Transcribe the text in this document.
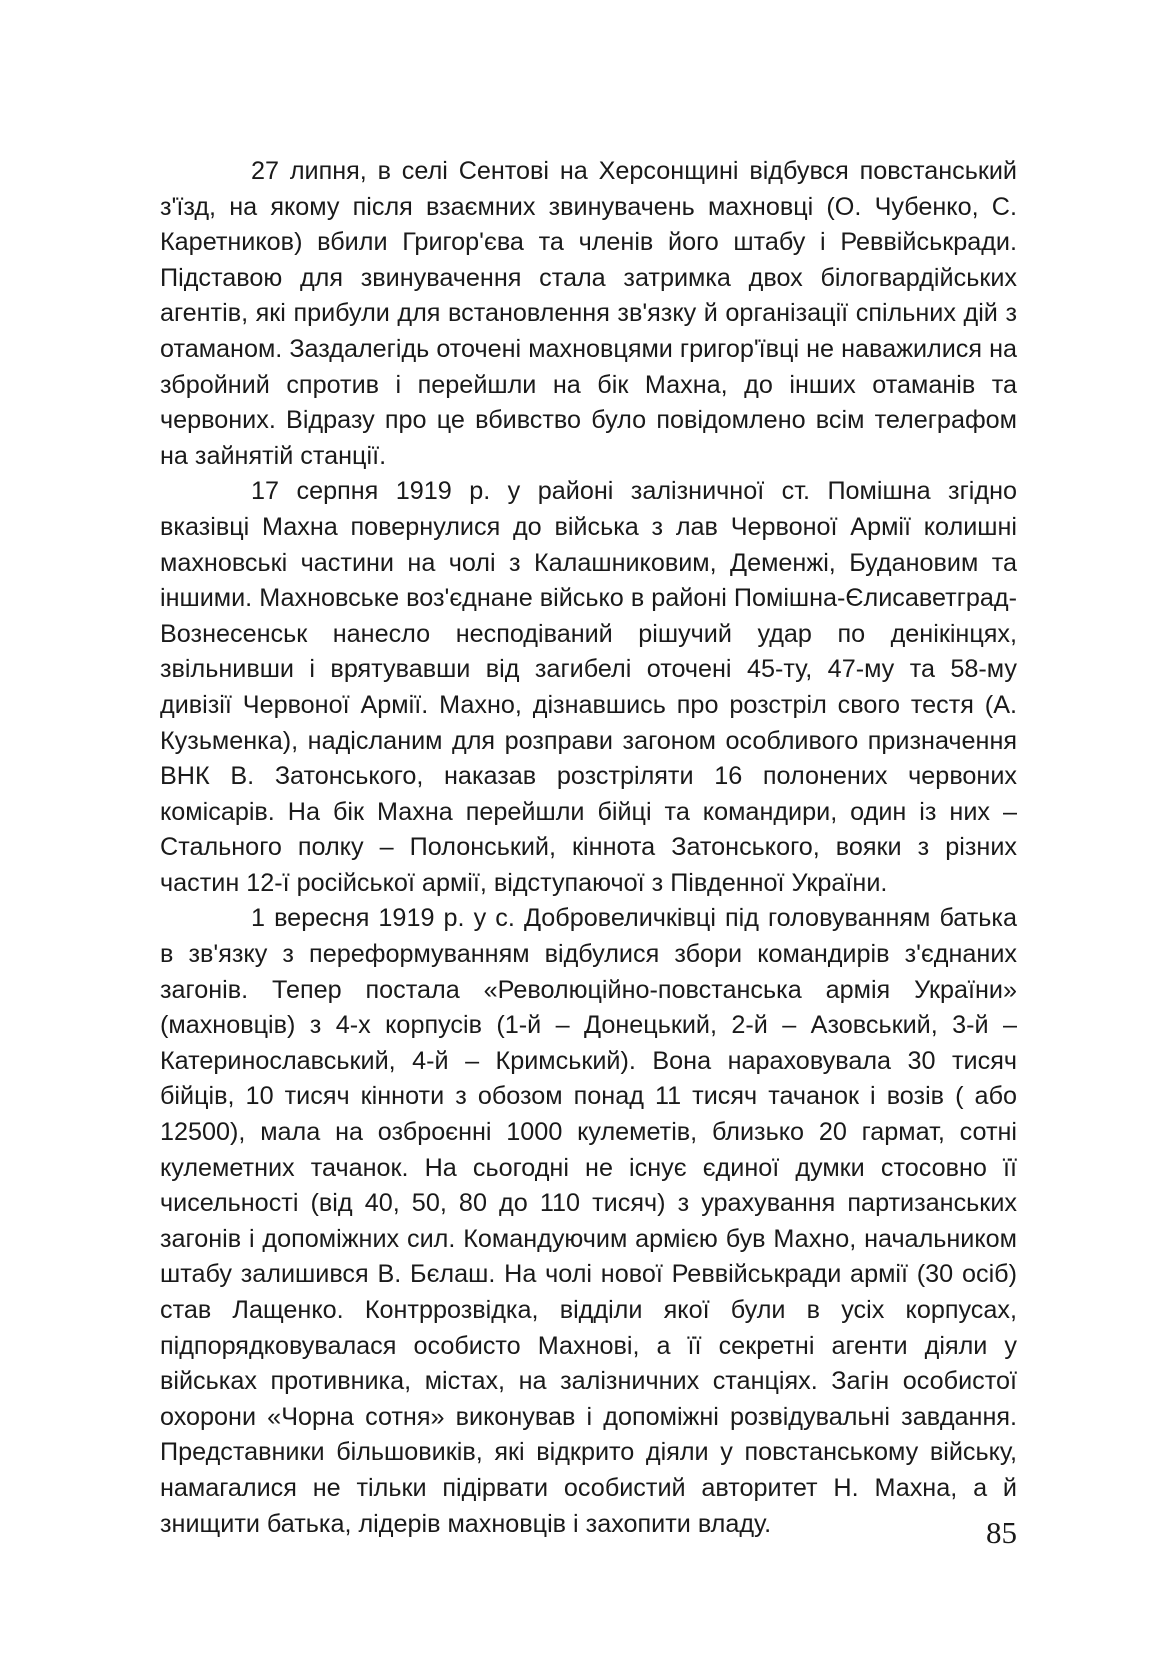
27 липня, в селі Сентові на Херсонщині відбувся повстанський з'їзд, на якому після взаємних звинувачень махновці (О. Чубенко, С. Каретников) вбили Григор'єва та членів його штабу і Реввійськради. Підставою для звинувачення стала затримка двох білогвардійських агентів, які прибули для встановлення зв'язку й організації спільних дій з отаманом. Заздалегідь оточені махновцями григор'ївці не наважилися на збройний спротив і перейшли на бік Махна, до інших отаманів та червоних. Відразу про це вбивство було повідомлено всім телеграфом на зайнятій станції.

17 серпня 1919 р. у районі залізничної ст. Помішна згідно вказівці Махна повернулися до війська з лав Червоної Армії колишні махновські частини на чолі з Калашниковим, Деменжі, Будановим та іншими. Махновське воз'єднане військо в районі Помішна-Єлисаветград-Вознесенськ нанесло несподіваний рішучий удар по денікінцях, звільнивши і врятувавши від загибелі оточені 45-ту, 47-му та 58-му дивізії Червоної Армії. Махно, дізнавшись про розстріл свого тестя (А. Кузьменка), надісланим для розправи загоном особливого призначення ВНК В. Затонського, наказав розстріляти 16 полонених червоних комісарів. На бік Махна перейшли бійці та командири, один із них – Стального полку – Полонський, кіннота Затонського, вояки з різних частин 12-ї російської армії, відступаючої з Південної України.

1 вересня 1919 р. у с. Добровеличківці під головуванням батька в зв'язку з переформуванням відбулися збори командирів з'єднаних загонів. Тепер постала «Революційно-повстанська армія України» (махновців) з 4-х корпусів (1-й – Донецький, 2-й – Азовський, 3-й – Катеринославський, 4-й – Кримський). Вона нараховувала 30 тисяч бійців, 10 тисяч кінноти з обозом понад 11 тисяч тачанок і возів ( або 12500), мала на озброєнні 1000 кулеметів, близько 20 гармат, сотні кулеметних тачанок. На сьогодні не існує єдиної думки стосовно її чисельності (від 40, 50, 80 до 110 тисяч) з урахування партизанських загонів і допоміжних сил. Командуючим армією був Махно, начальником штабу залишився В. Бєлаш. На чолі нової Реввійськради армії (30 осіб) став Лащенко. Контррозвідка, відділи якої були в усіх корпусах, підпорядковувалася особисто Махнові, а її секретні агенти діяли у військах противника, містах, на залізничних станціях. Загін особистої охорони «Чорна сотня» виконував і допоміжні розвідувальні завдання. Представники більшовиків, які відкрито діяли у повстанському війську, намагалися не тільки підірвати особистий авторитет Н. Махна, а й знищити батька, лідерів махновців і захопити владу.	85
